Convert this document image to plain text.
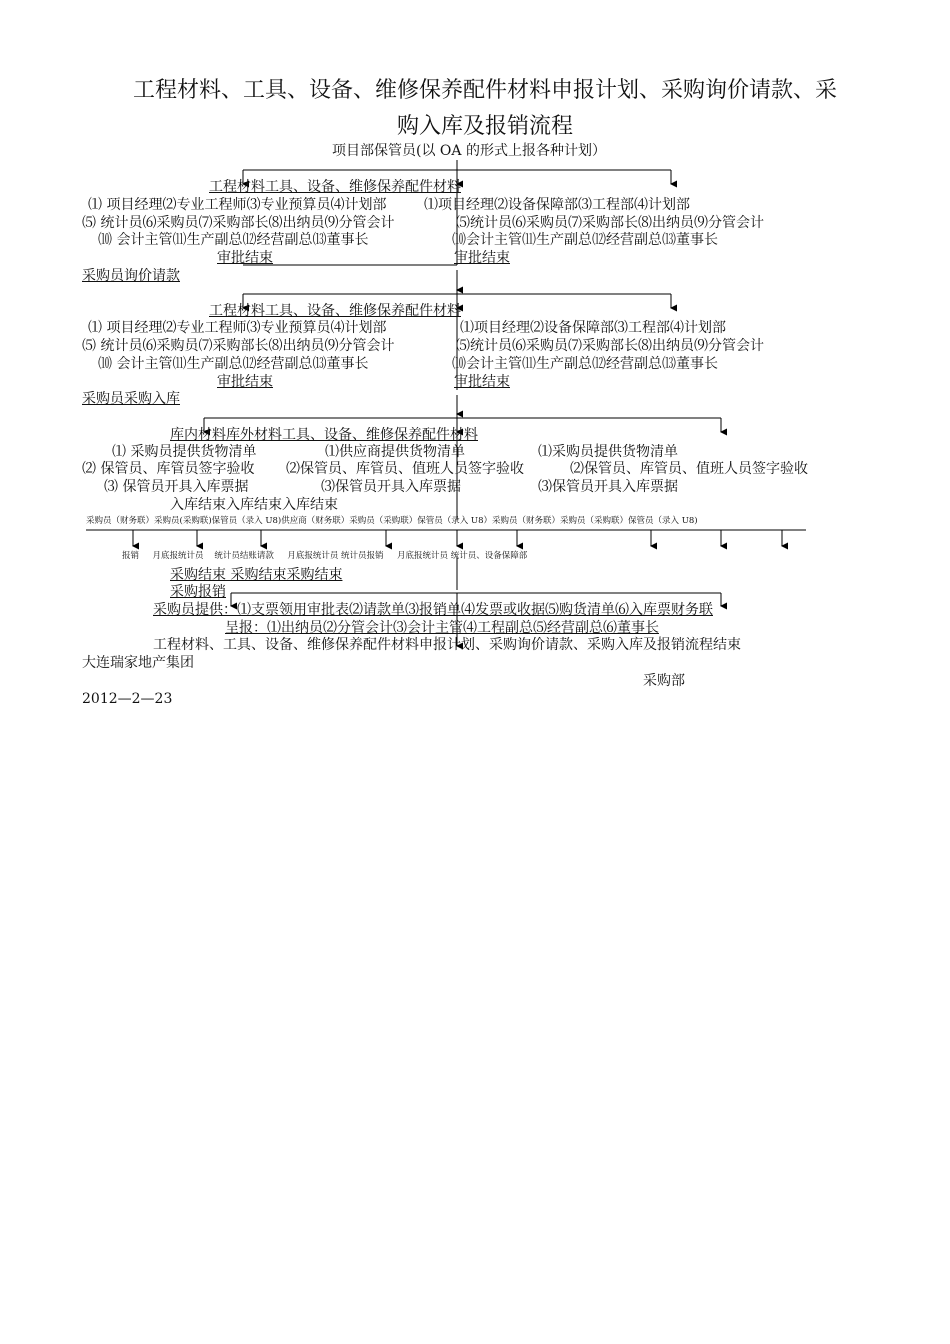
工程材料、工具、设备、维修保养配件材料申报计划、采购询价请款、采
购入库及报销流程
项目部保管员(以 OA 的形式上报各种计划）
工程材料工具、设备、维修保养配件材料
⑴ 项目经理⑵专业工程师⑶专业预算员⑷计划部	⑴项目经理⑵设备保障部⑶工程部⑷计划部
⑸ 统计员⑹采购员⑺采购部长⑻出纳员⑼分管会计	⑸统计员⑹采购员⑺采购部长⑻出纳员⑼分管会计
⑽ 会计主管⑾生产副总⑿经营副总⒀董事长	⑽会计主管⑾生产副总⑿经营副总⒀董事长
审批结束	审批结束
采购员询价请款
工程材料工具、设备、维修保养配件材料
⑴ 项目经理⑵专业工程师⑶专业预算员⑷计划部	⑴项目经理⑵设备保障部⑶工程部⑷计划部
⑸ 统计员⑹采购员⑺采购部长⑻出纳员⑼分管会计	⑸统计员⑹采购员⑺采购部长⑻出纳员⑼分管会计
⑽ 会计主管⑾生产副总⑿经营副总⒀董事长	⑽会计主管⑾生产副总⑿经营副总⒀董事长
审批结束	审批结束
采购员采购入库
库内材料库外材料工具、设备、维修保养配件材料
⑴ 采购员提供货物清单	⑴供应商提供货物清单	⑴采购员提供货物清单
⑵ 保管员、库管员签字验收 ⑵保管员、库管员、值班人员签字验收	⑵保管员、库管员、值班人员签字验收
⑶ 保管员开具入库票据	⑶保管员开具入库票据	⑶保管员开具入库票据
入库结束入库结束入库结束
采购员（财务联）采购员(采购联)保管员（录入 U8)供应商（财务联）采购员（采购联）保管员（录入 U8）采购员（财务联）采购员（采购联）保管员（录入 U8)
报销     月底报统计员    统计员结账请款     月底报统计员 统计员报销     月底报统计员 统计员、设备保障部
采购结束 采购结束采购结束
采购报销
采购员提供：⑴支票领用审批表⑵请款单⑶报销单⑷发票或收据⑸购货清单⑹入库票财务联
呈报：⑴出纳员⑵分管会计⑶会计主管⑷工程副总⑸经营副总⑹董事长
工程材料、工具、设备、维修保养配件材料申报计划、采购询价请款、采购入库及报销流程结束
大连瑞家地产集团
采购部
2012—2—23
